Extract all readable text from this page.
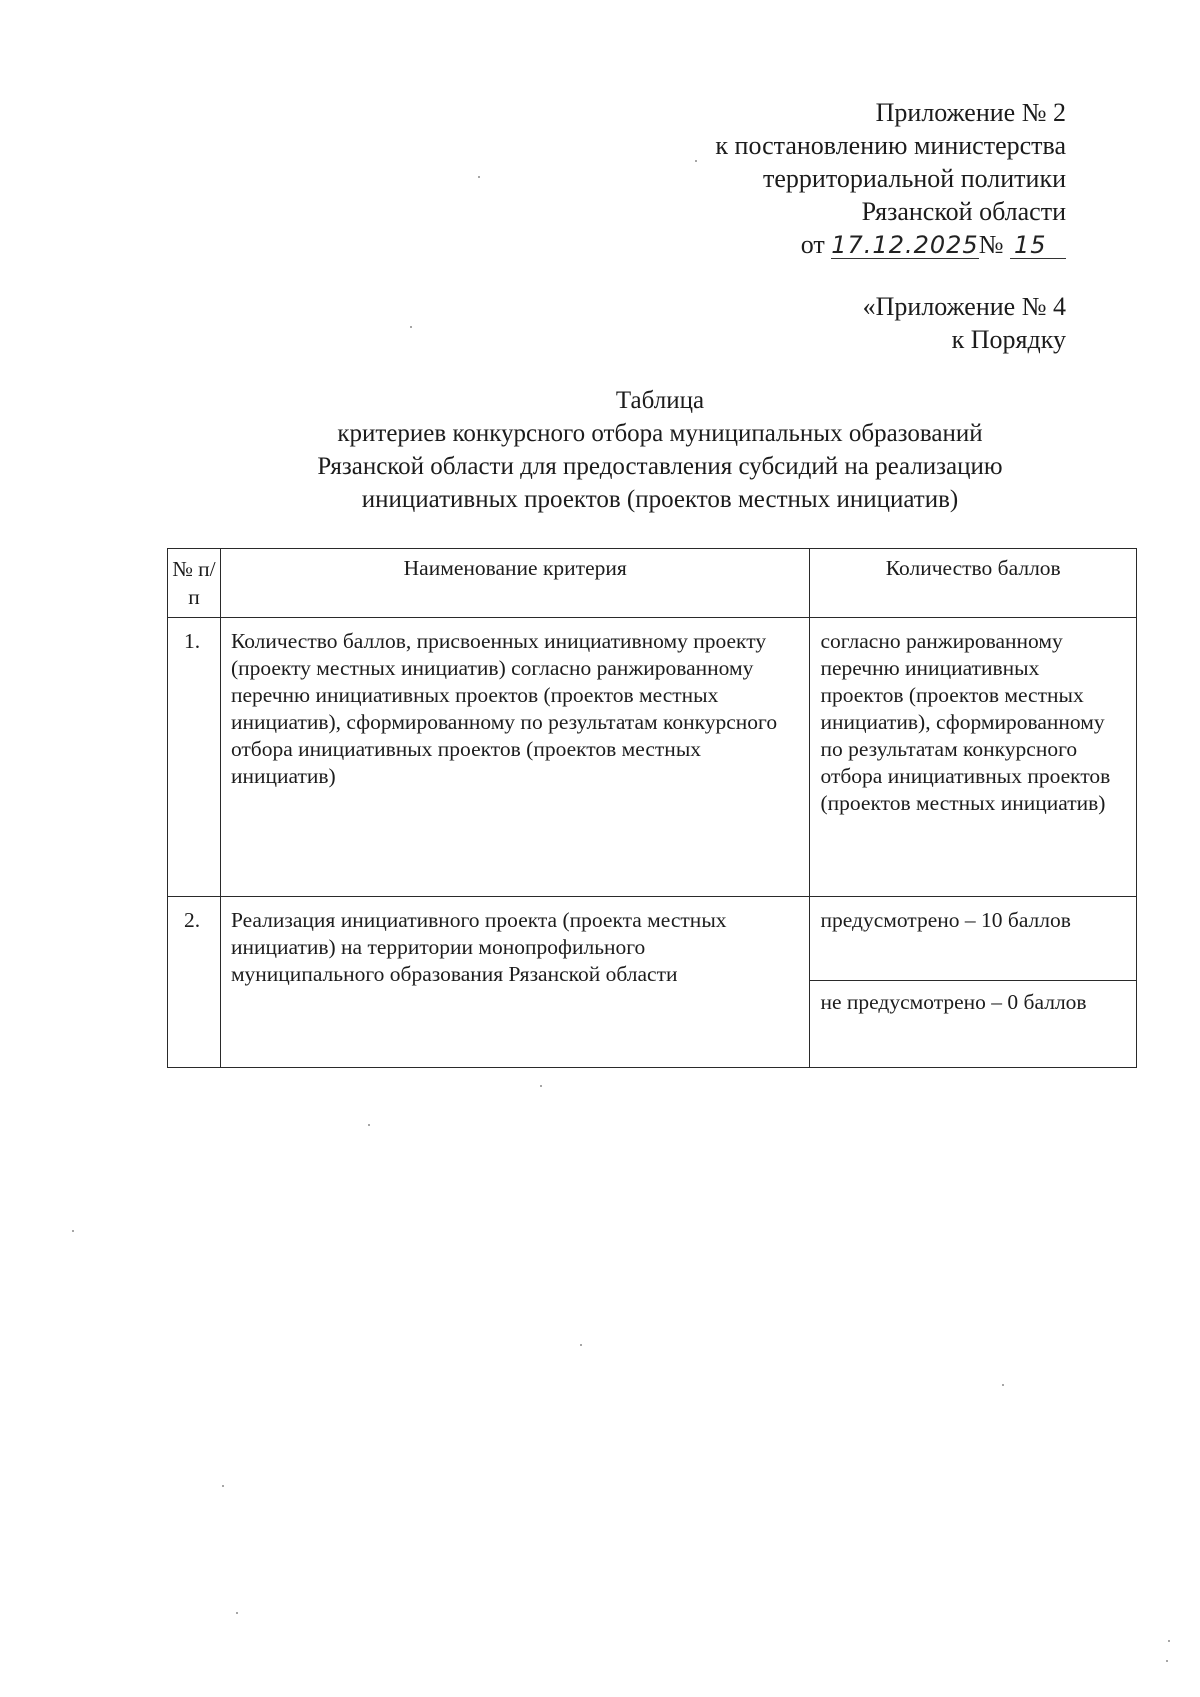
Приложение № 2
к постановлению министерства
территориальной политики
Рязанской области
от 17.12.2025№ 15
«Приложение № 4
к Порядку
Таблица
критериев конкурсного отбора муниципальных образований
Рязанской области для предоставления субсидий на реализацию
инициативных проектов (проектов местных инициатив)
№ п/п	Наименование критерия	Количество баллов

1.	Количество баллов, присвоенных инициативному проекту (проекту местных инициатив) согласно ранжированному перечню инициативных проектов (проектов местных инициатив), сформированному по результатам конкурсного отбора инициативных проектов (проектов местных инициатив)	согласно ранжированному перечню инициативных проектов (проектов местных инициатив), сформированному по результатам конкурсного отбора инициативных проектов (проектов местных инициатив)

2.	Реализация инициативного проекта (проекта местных инициатив) на территории монопрофильного муниципального образования Рязанской области	предусмотрено – 10 баллов
не предусмотрено – 0 баллов
